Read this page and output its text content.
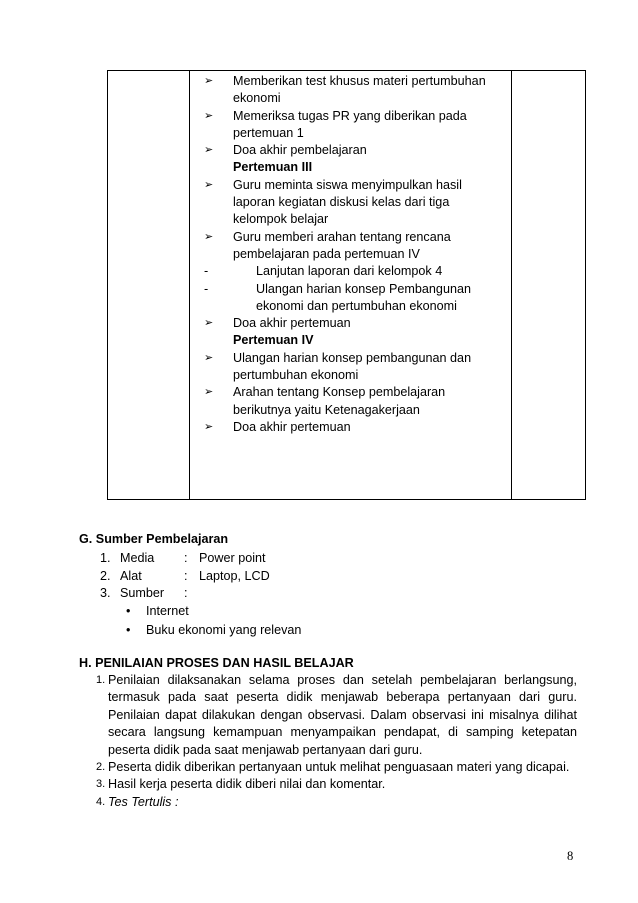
➢	Memberikan test khusus materi pertumbuhan ekonomi
➢	Memeriksa tugas PR yang diberikan pada pertemuan 1
➢	Doa akhir pembelajaran
Pertemuan III
➢	Guru meminta siswa menyimpulkan hasil laporan kegiatan diskusi kelas dari tiga kelompok belajar
➢	Guru memberi arahan tentang rencana pembelajaran pada pertemuan IV
-	Lanjutan laporan dari kelompok 4
-	Ulangan harian konsep Pembangunan ekonomi dan pertumbuhan ekonomi
➢	Doa akhir pertemuan
Pertemuan IV
➢	Ulangan harian konsep pembangunan dan pertumbuhan ekonomi
➢	Arahan tentang Konsep pembelajaran berikutnya yaitu Ketenagakerjaan
➢	Doa akhir pertemuan
G. Sumber Pembelajaran
1. Media : Power point
2. Alat	: Laptop, LCD
3. Sumber :
• Internet
• Buku ekonomi yang relevan
H. PENILAIAN PROSES DAN HASIL BELAJAR
1. Penilaian dilaksanakan selama proses dan setelah pembelajaran berlangsung, termasuk pada saat peserta didik menjawab beberapa pertanyaan dari guru. Penilaian dapat dilakukan dengan observasi. Dalam observasi ini misalnya dilihat secara langsung kemampuan menyampaikan pendapat, di samping ketepatan peserta didik pada saat menjawab pertanyaan dari guru.
2. Peserta didik diberikan pertanyaan untuk melihat penguasaan materi yang dicapai.
3. Hasil kerja peserta didik diberi nilai dan komentar.
4. Tes Tertulis :
8
